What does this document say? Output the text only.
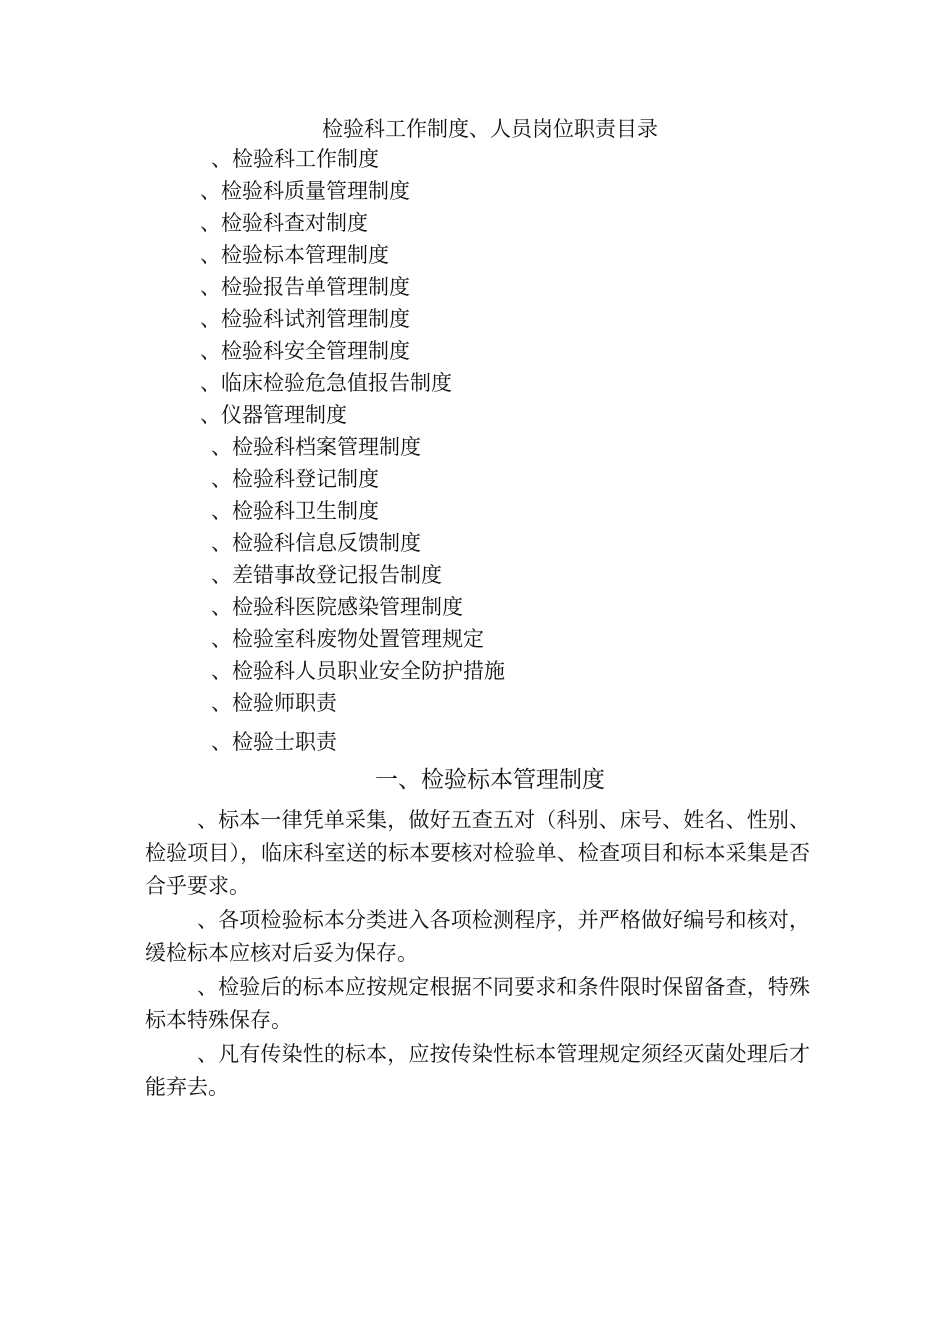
检验科工作制度、人员岗位职责目录
、检验科工作制度
、检验科质量管理制度
、检验科查对制度
、检验标本管理制度
、检验报告单管理制度
、检验科试剂管理制度
、检验科安全管理制度
、临床检验危急值报告制度
、仪器管理制度
、检验科档案管理制度
、检验科登记制度
、检验科卫生制度
、检验科信息反馈制度
、差错事故登记报告制度
、检验科医院感染管理制度
、检验室科废物处置管理规定
、检验科人员职业安全防护措施
、检验师职责
、检验士职责
一、检验标本管理制度
、标本一律凭单采集，做好五查五对（科别、床号、姓名、性别、检验项目），临床科室送的标本要核对检验单、检查项目和标本采集是否合乎要求。
、各项检验标本分类进入各项检测程序，并严格做好编号和核对，缓检标本应核对后妥为保存。
、检验后的标本应按规定根据不同要求和条件限时保留备查，特殊标本特殊保存。
、凡有传染性的标本，应按传染性标本管理规定须经灭菌处理后才能弃去。
